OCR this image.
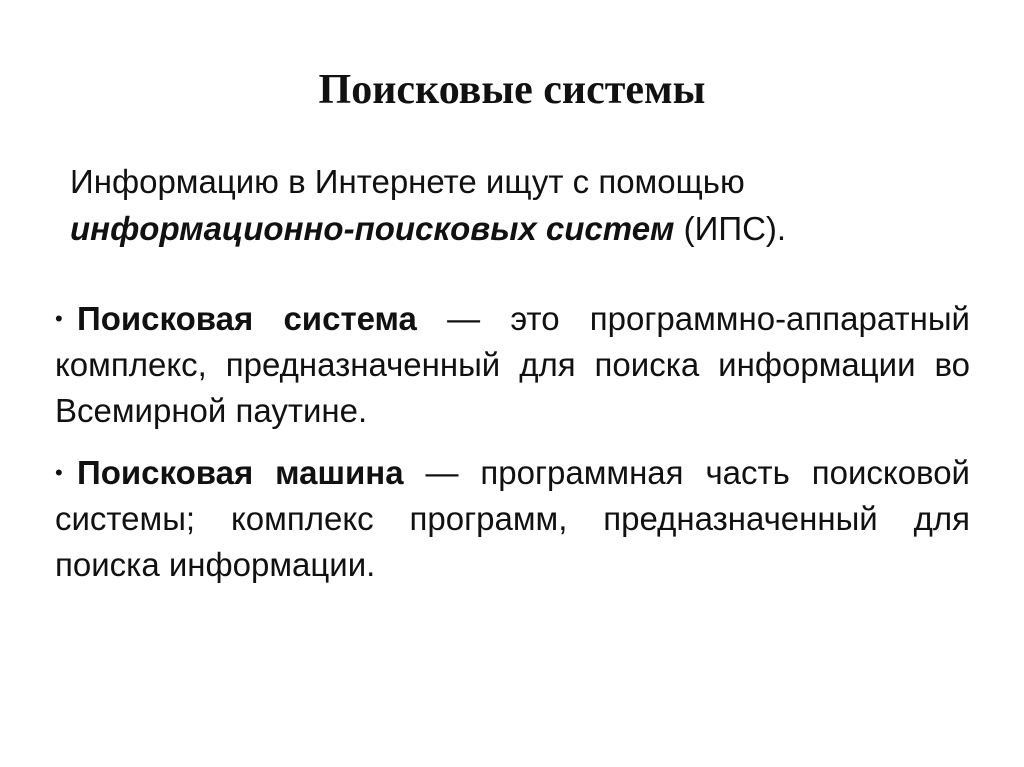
Поисковые системы
Информацию в Интернете ищут с помощью
информационно-поисковых систем (ИПС).
• Поисковая система — это программно-аппаратный комплекс, предназначенный для поиска информации во Всемирной паутине.
• Поисковая машина — программная часть поисковой системы; комплекс программ, предназначенный для поиска информации.
